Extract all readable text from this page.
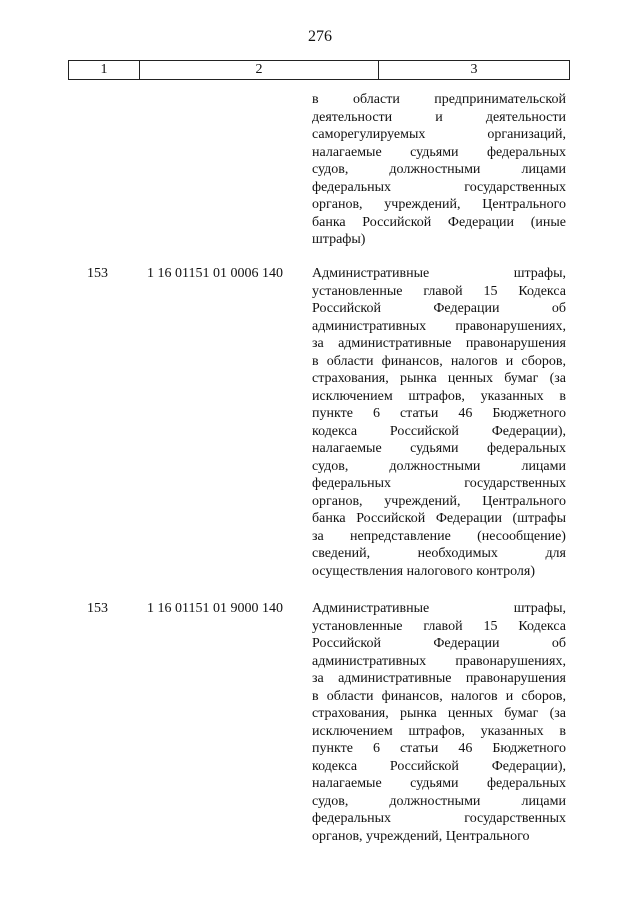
276
1	2	3
в области предпринимательской
деятельности	и	деятельности
саморегулируемых	организаций,
налагаемые судьями федеральных
судов,	должностными	лицами
федеральных	государственных
органов, учреждений, Центрального
банка Российской Федерации (иные
штрафы)
153	1 16 01151 01 0006 140	Административные	штрафы,
установленные главой 15 Кодекса
Российской	Федерации	об
административных правонарушениях,
за административные правонарушения
в области финансов, налогов и сборов,
страхования, рынка ценных бумаг (за
исключением штрафов, указанных в
пункте 6 статьи 46 Бюджетного
кодекса Российской Федерации),
налагаемые судьями федеральных
судов,	должностными	лицами
федеральных	государственных
органов, учреждений, Центрального
банка Российской Федерации (штрафы
за непредставление (несообщение)
сведений,	необходимых	для
осуществления налогового контроля)
153	1 16 01151 01 9000 140	Административные	штрафы,
установленные главой 15 Кодекса
Российской	Федерации	об
административных правонарушениях,
за административные правонарушения
в области финансов, налогов и сборов,
страхования, рынка ценных бумаг (за
исключением штрафов, указанных в
пункте 6 статьи 46 Бюджетного
кодекса Российской Федерации),
налагаемые судьями федеральных
судов,	должностными	лицами
федеральных	государственных
органов, учреждений, Центрального
